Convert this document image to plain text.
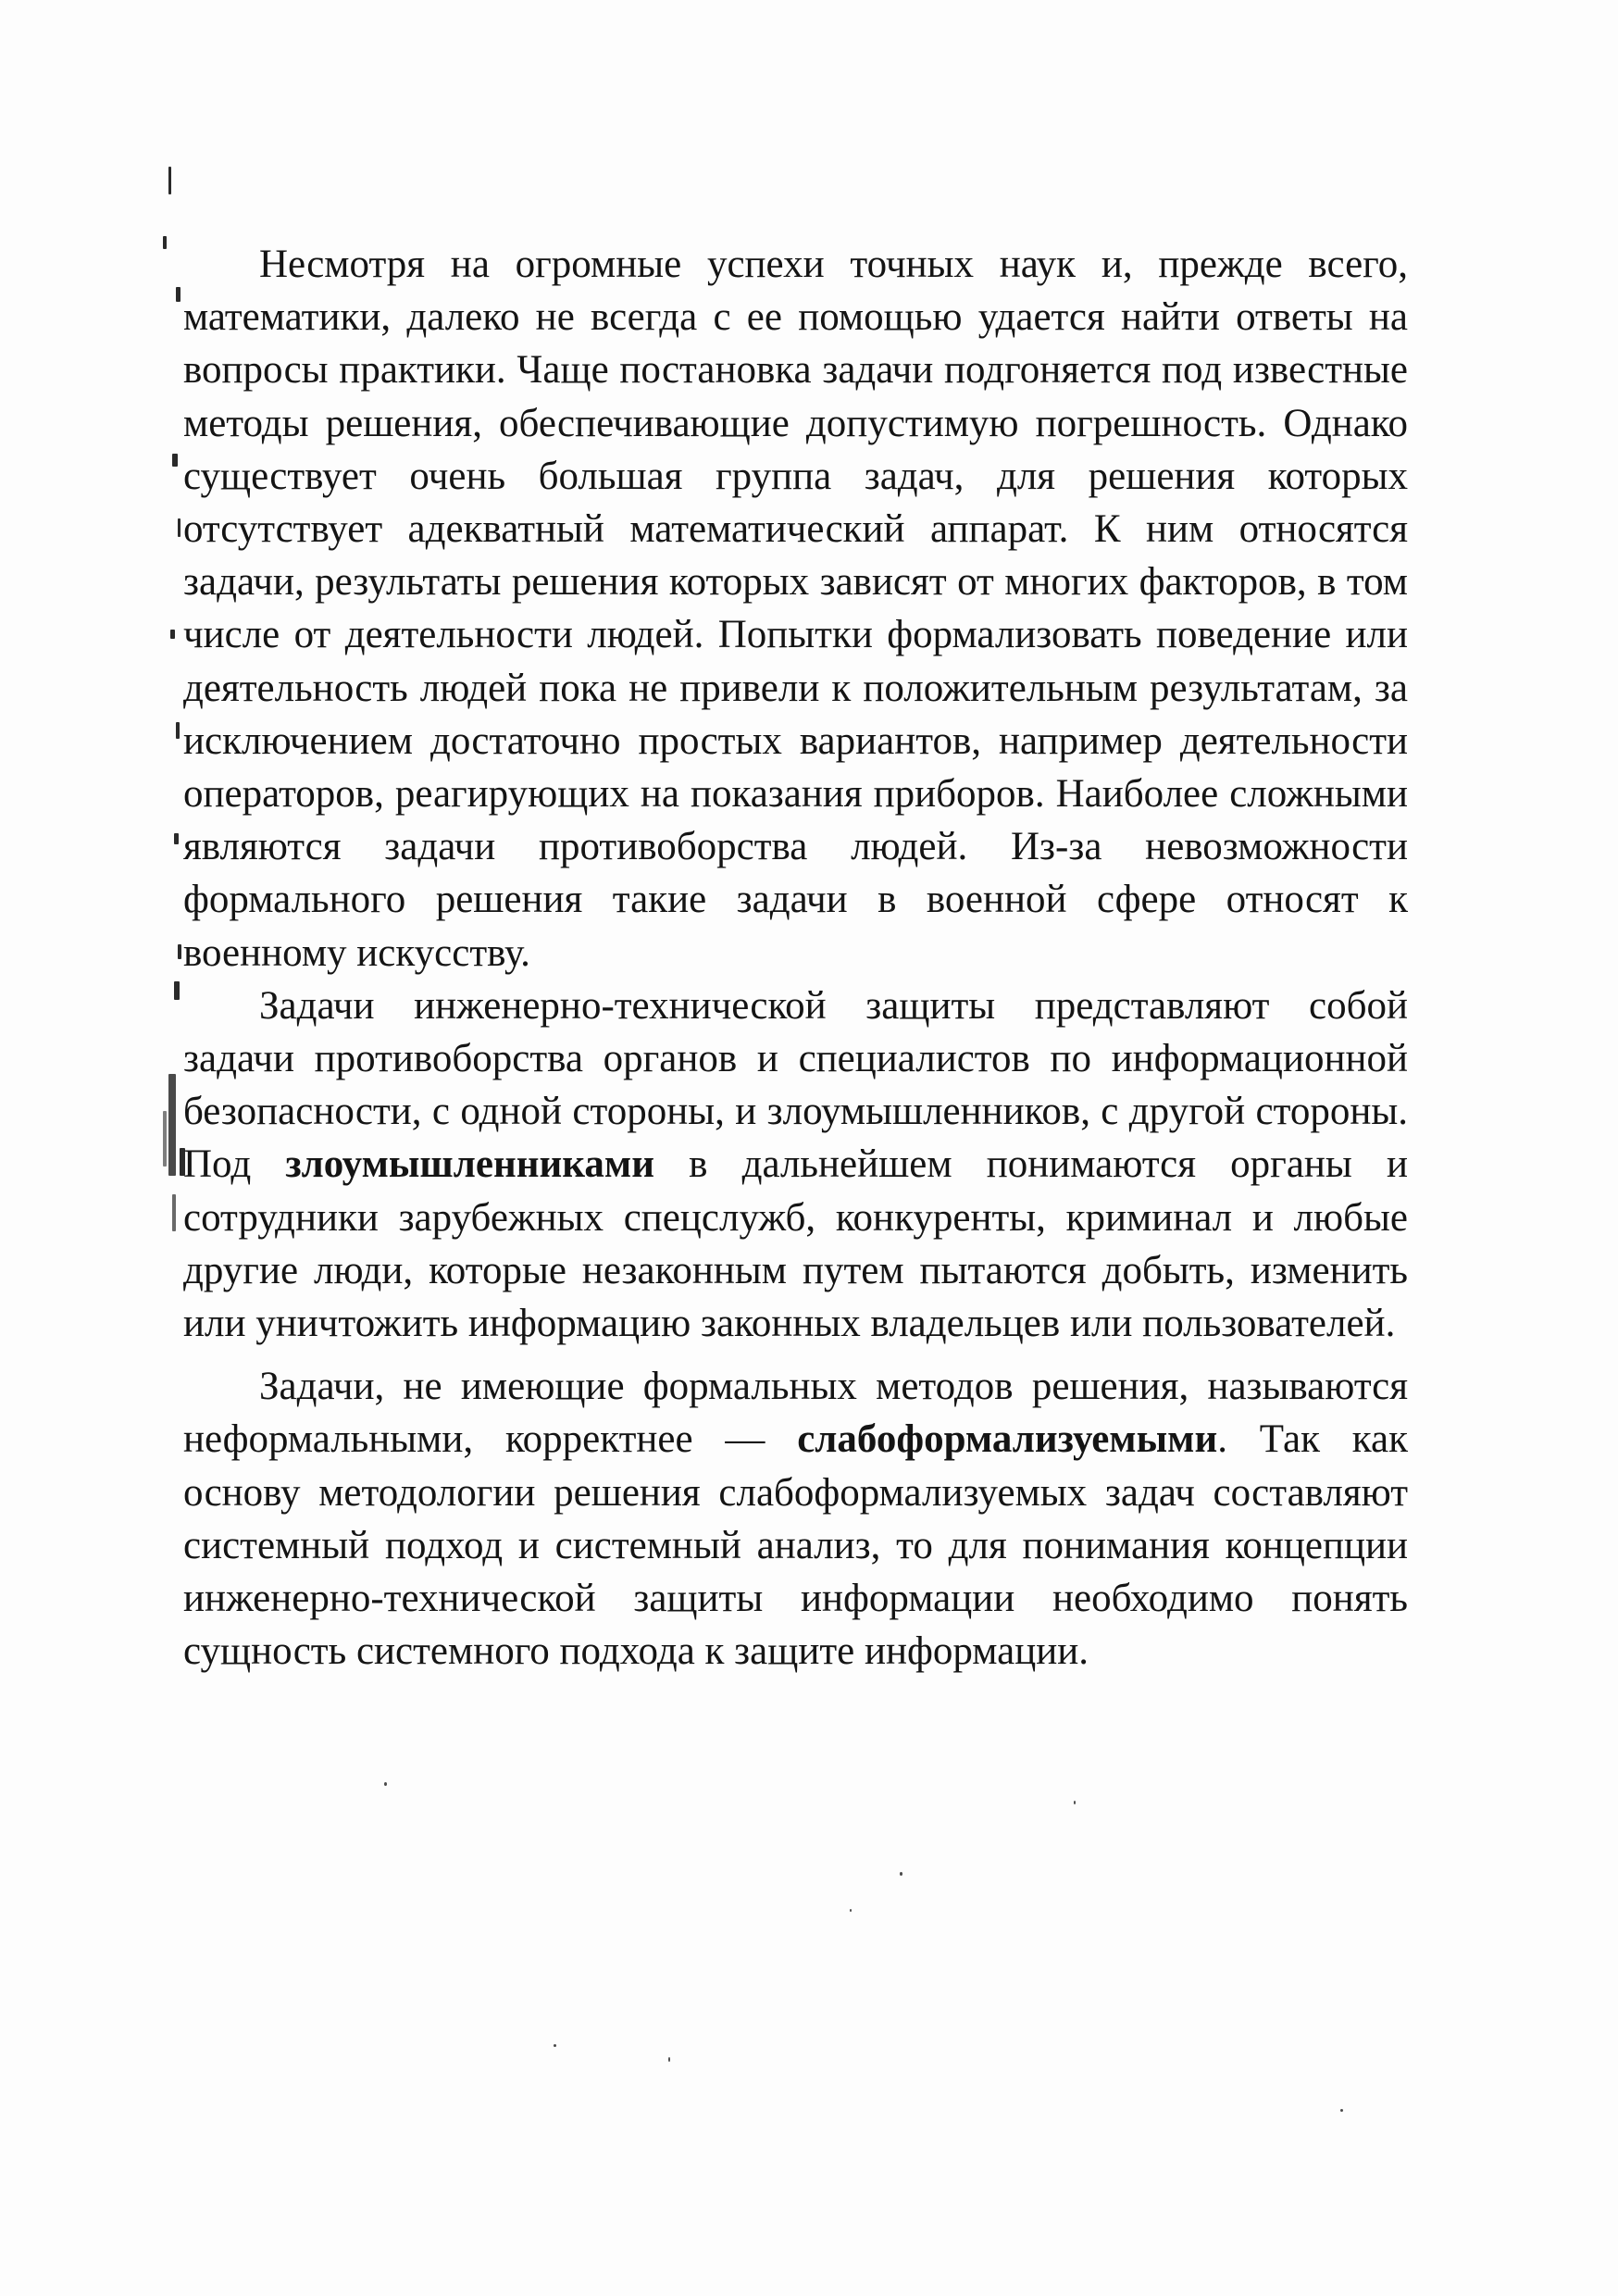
Несмотря на огромные успехи точных наук и, прежде всего, математики, далеко не всегда с ее помощью удается найти ответы на вопросы практики. Чаще постановка задачи подгоняется под известные методы решения, обеспечивающие допустимую погрешность. Однако существует очень большая группа задач, для решения которых отсутствует адекватный математический аппарат. К ним относятся задачи, результаты решения которых зависят от многих факторов, в том числе от деятельности людей. Попытки формализовать поведение или деятельность людей пока не привели к положительным результатам, за исключением достаточно простых вариантов, например деятельности операторов, реагирующих на показания приборов. Наиболее сложными являются задачи противоборства людей. Из-за невозможности формального решения такие задачи в военной сфере относят к военному искусству.

Задачи инженерно-технической защиты представляют собой задачи противоборства органов и специалистов по информационной безопасности, с одной стороны, и злоумышленников, с другой стороны. Под злоумышленниками в дальнейшем понимаются органы и сотрудники зарубежных спецслужб, конкуренты, криминал и любые другие люди, которые незаконным путем пытаются добыть, изменить или уничтожить информацию законных владельцев или пользователей.

Задачи, не имеющие формальных методов решения, называются неформальными, корректнее — слабоформализуемыми. Так как основу методологии решения слабоформализуемых задач составляют системный подход и системный анализ, то для понимания концепции инженерно-технической защиты информации необходимо понять сущность системного подхода к защите информации.
